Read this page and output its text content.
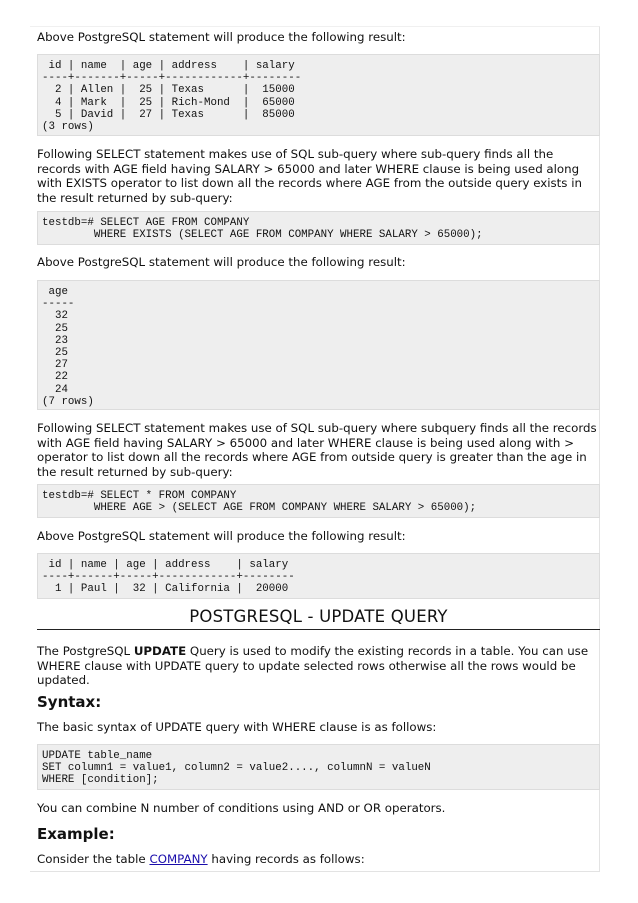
Above PostgreSQL statement will produce the following result:

id | name  | age | address    | salary
----+-------+-----+------------+--------
2 | Allen |  25 | Texas      |  15000
4 | Mark  |  25 | Rich-Mond  |  65000
5 | David |  27 | Texas      |  85000
(3 rows)

Following SELECT statement makes use of SQL sub-query where sub-query finds all the records with AGE field having SALARY > 65000 and later WHERE clause is being used along with EXISTS operator to list down all the records where AGE from the outside query exists in the result returned by sub-query:

testdb=# SELECT AGE FROM COMPANY
WHERE EXISTS (SELECT AGE FROM COMPANY WHERE SALARY > 65000);

Above PostgreSQL statement will produce the following result:

age
-----
32
25
23
25
27
22
24
(7 rows)

Following SELECT statement makes use of SQL sub-query where subquery finds all the records with AGE field having SALARY > 65000 and later WHERE clause is being used along with > operator to list down all the records where AGE from outside query is greater than the age in the result returned by sub-query:

testdb=# SELECT * FROM COMPANY
WHERE AGE > (SELECT AGE FROM COMPANY WHERE SALARY > 65000);

Above PostgreSQL statement will produce the following result:

id | name | age | address    | salary
----+------+-----+------------+--------
1 | Paul |  32 | California |  20000
POSTGRESQL - UPDATE QUERY

The PostgreSQL UPDATE Query is used to modify the existing records in a table. You can use WHERE clause with UPDATE query to update selected rows otherwise all the rows would be updated.

Syntax:

The basic syntax of UPDATE query with WHERE clause is as follows:

UPDATE table_name
SET column1 = value1, column2 = value2...., columnN = valueN
WHERE [condition];

You can combine N number of conditions using AND or OR operators.

Example:

Consider the table COMPANY having records as follows:
